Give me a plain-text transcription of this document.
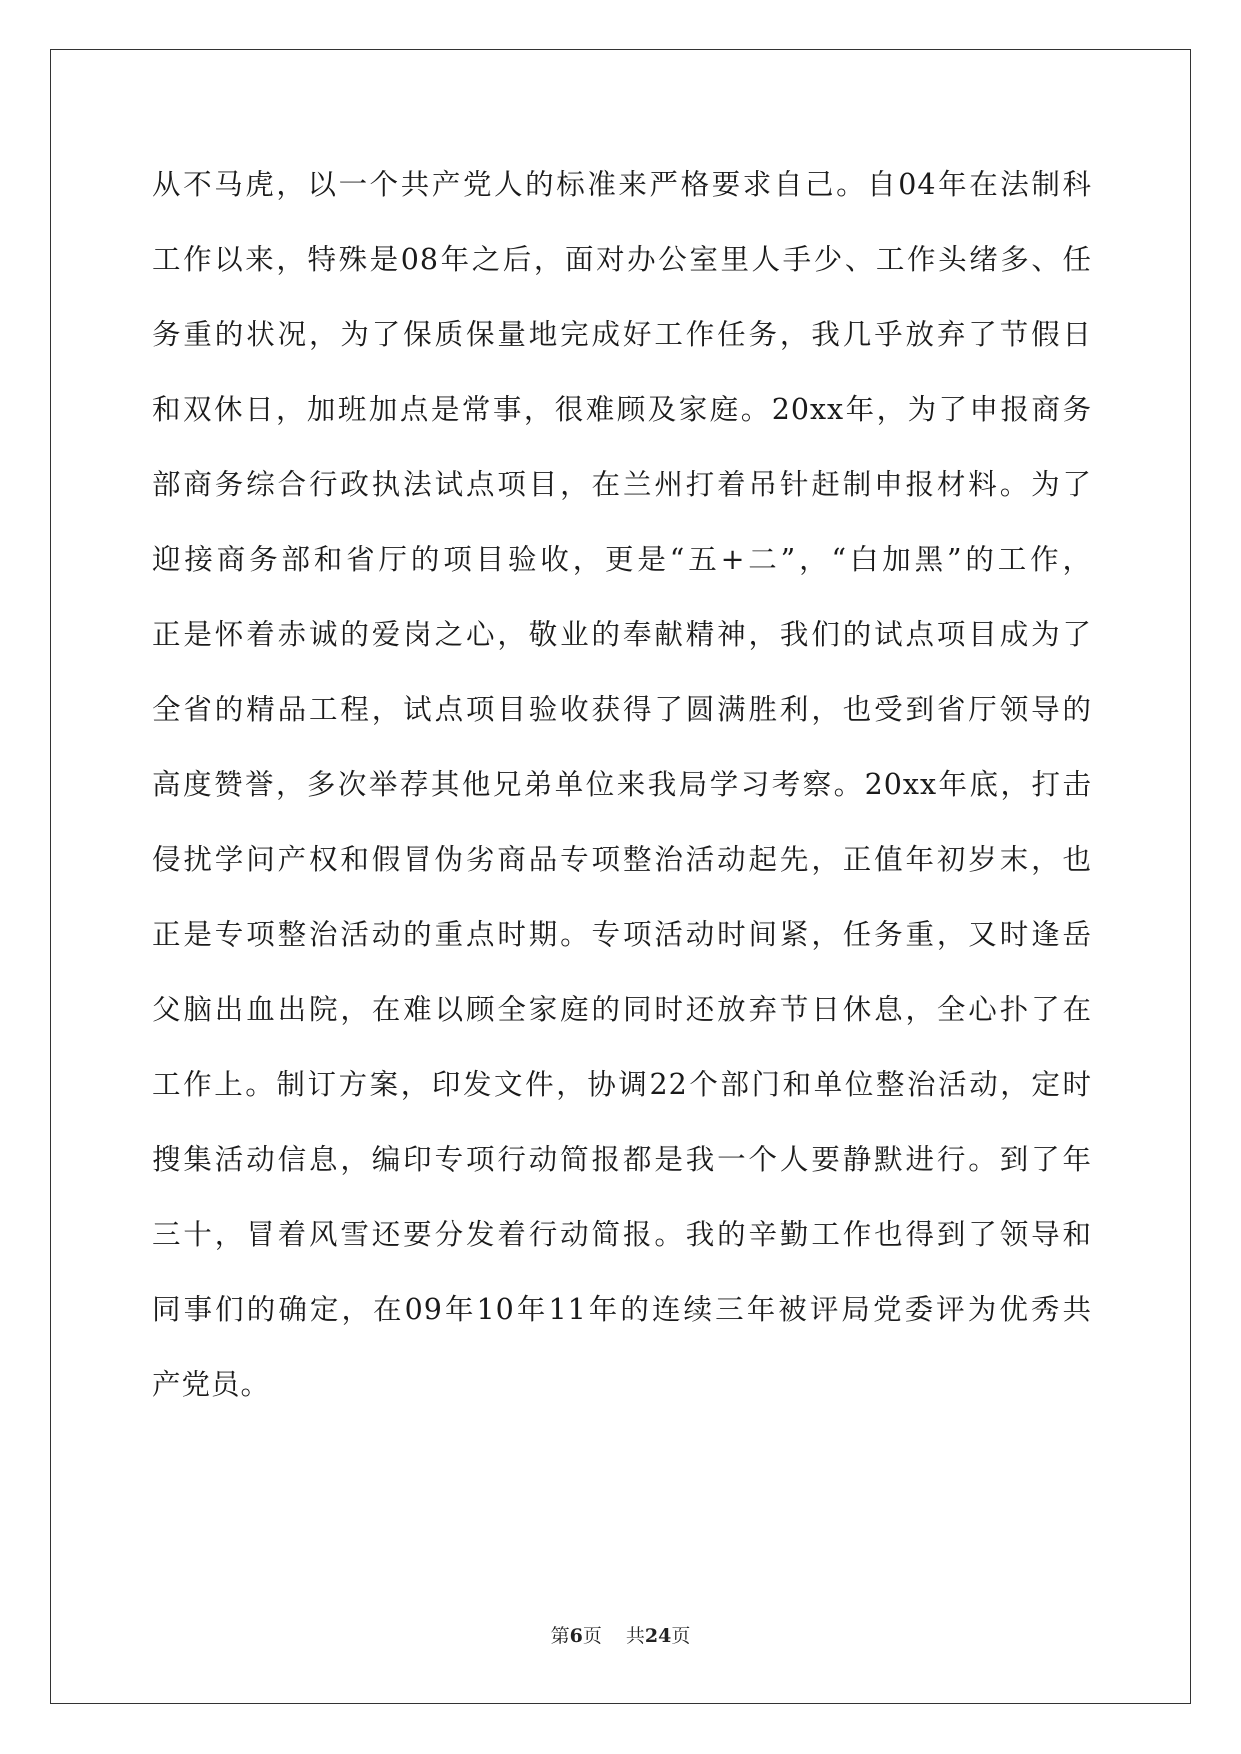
从不马虎，以一个共产党人的标准来严格要求自己。自04年在法制科
工作以来，特殊是08年之后，面对办公室里人手少、工作头绪多、任
务重的状况，为了保质保量地完成好工作任务，我几乎放弃了节假日
和双休日，加班加点是常事，很难顾及家庭。20xx年，为了申报商务
部商务综合行政执法试点项目，在兰州打着吊针赶制申报材料。为了
迎接商务部和省厅的项目验收，更是“五+二”，“白加黑”的工作，
正是怀着赤诚的爱岗之心，敬业的奉献精神，我们的试点项目成为了
全省的精品工程，试点项目验收获得了圆满胜利，也受到省厅领导的
高度赞誉，多次举荐其他兄弟单位来我局学习考察。20xx年底，打击
侵扰学问产权和假冒伪劣商品专项整治活动起先，正值年初岁末，也
正是专项整治活动的重点时期。专项活动时间紧，任务重，又时逢岳
父脑出血出院，在难以顾全家庭的同时还放弃节日休息，全心扑了在
工作上。制订方案，印发文件，协调22个部门和单位整治活动，定时
搜集活动信息，编印专项行动简报都是我一个人要静默进行。到了年
三十，冒着风雪还要分发着行动简报。我的辛勤工作也得到了领导和
同事们的确定，在09年10年11年的连续三年被评局党委评为优秀共
产党员。
第6页 共24页
